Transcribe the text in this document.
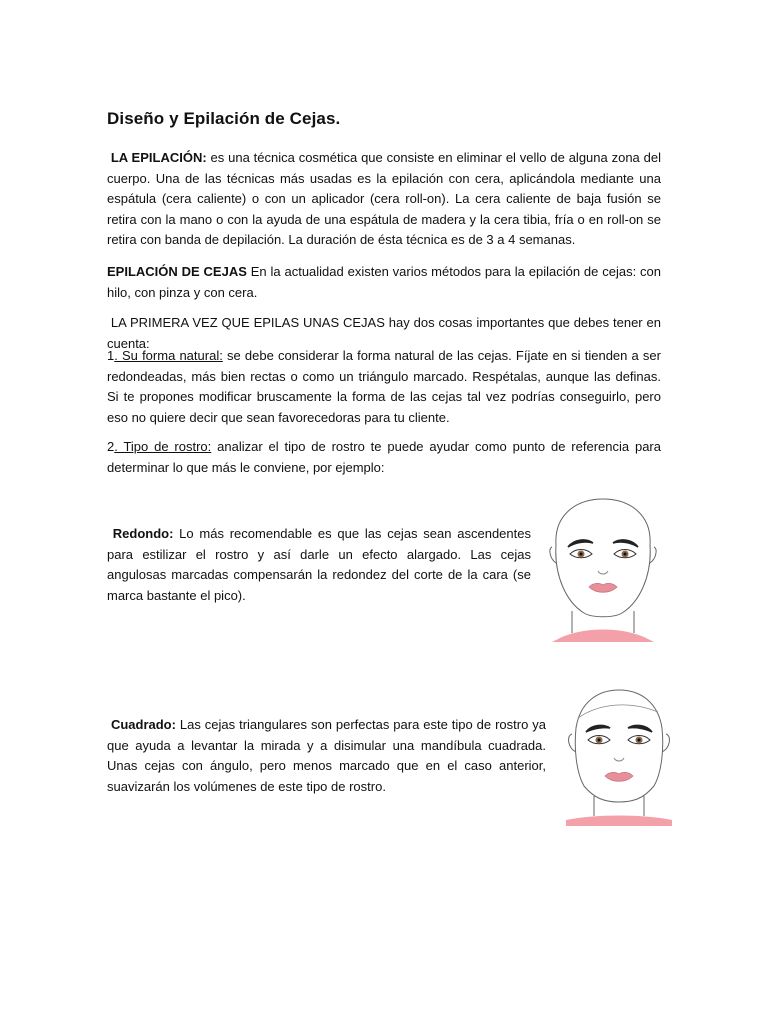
Diseño y Epilación de Cejas.
LA EPILACIÓN: es una técnica cosmética que consiste en eliminar el vello de alguna zona del cuerpo. Una de las técnicas más usadas es la epilación con cera, aplicándola mediante una espátula (cera caliente) o con un aplicador (cera roll-on). La cera caliente de baja fusión se retira con la mano o con la ayuda de una espátula de madera y la cera tibia, fría o en roll-on se retira con banda de depilación. La duración de ésta técnica es de 3 a 4 semanas.
EPILACIÓN DE CEJAS En la actualidad existen varios métodos para la epilación de cejas: con hilo, con pinza y con cera.
LA PRIMERA VEZ QUE EPILAS UNAS CEJAS hay dos cosas importantes que debes tener en cuenta:
1. Su forma natural: se debe considerar la forma natural de las cejas. Fíjate en si tienden a ser redondeadas, más bien rectas o como un triángulo marcado. Respétalas, aunque las definas. Si te propones modificar bruscamente la forma de las cejas tal vez podrías conseguirlo, pero eso no quiere decir que sean favorecedoras para tu cliente.
2. Tipo de rostro: analizar el tipo de rostro te puede ayudar como punto de referencia para determinar lo que más le conviene, por ejemplo:
Redondo: Lo más recomendable es que las cejas sean ascendentes para estilizar el rostro y así darle un efecto alargado. Las cejas angulosas marcadas compensarán la redondez del corte de la cara (se marca bastante el pico).
Cuadrado: Las cejas triangulares son perfectas para este tipo de rostro ya que ayuda a levantar la mirada y a disimular una mandíbula cuadrada. Unas cejas con ángulo, pero menos marcado que en el caso anterior, suavizarán los volúmenes de este tipo de rostro.
